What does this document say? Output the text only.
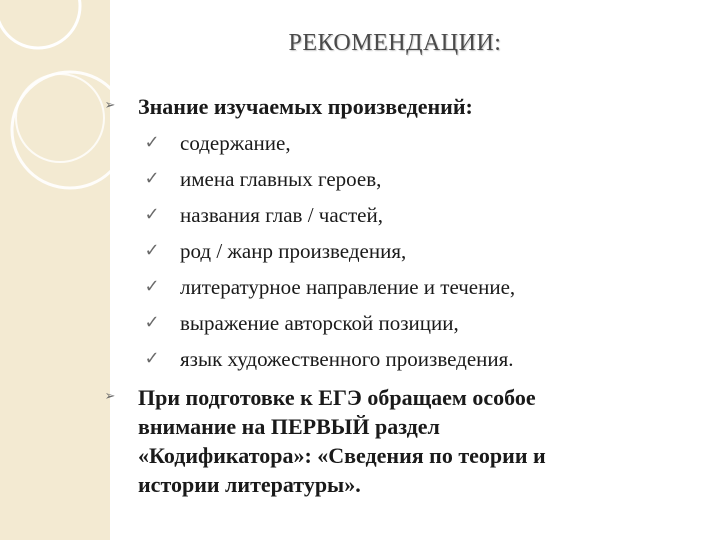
РЕКОМЕНДАЦИИ:
➢ Знание изучаемых произведений:
✓ содержание,
✓ имена главных героев,
✓ названия глав / частей,
✓ род / жанр произведения,
✓ литературное направление и течение,
✓ выражение авторской позиции,
✓ язык художественного произведения.
➢ При подготовке к ЕГЭ обращаем особое
внимание на ПЕРВЫЙ раздел
«Кодификатора»: «Сведения по теории и
истории литературы».
